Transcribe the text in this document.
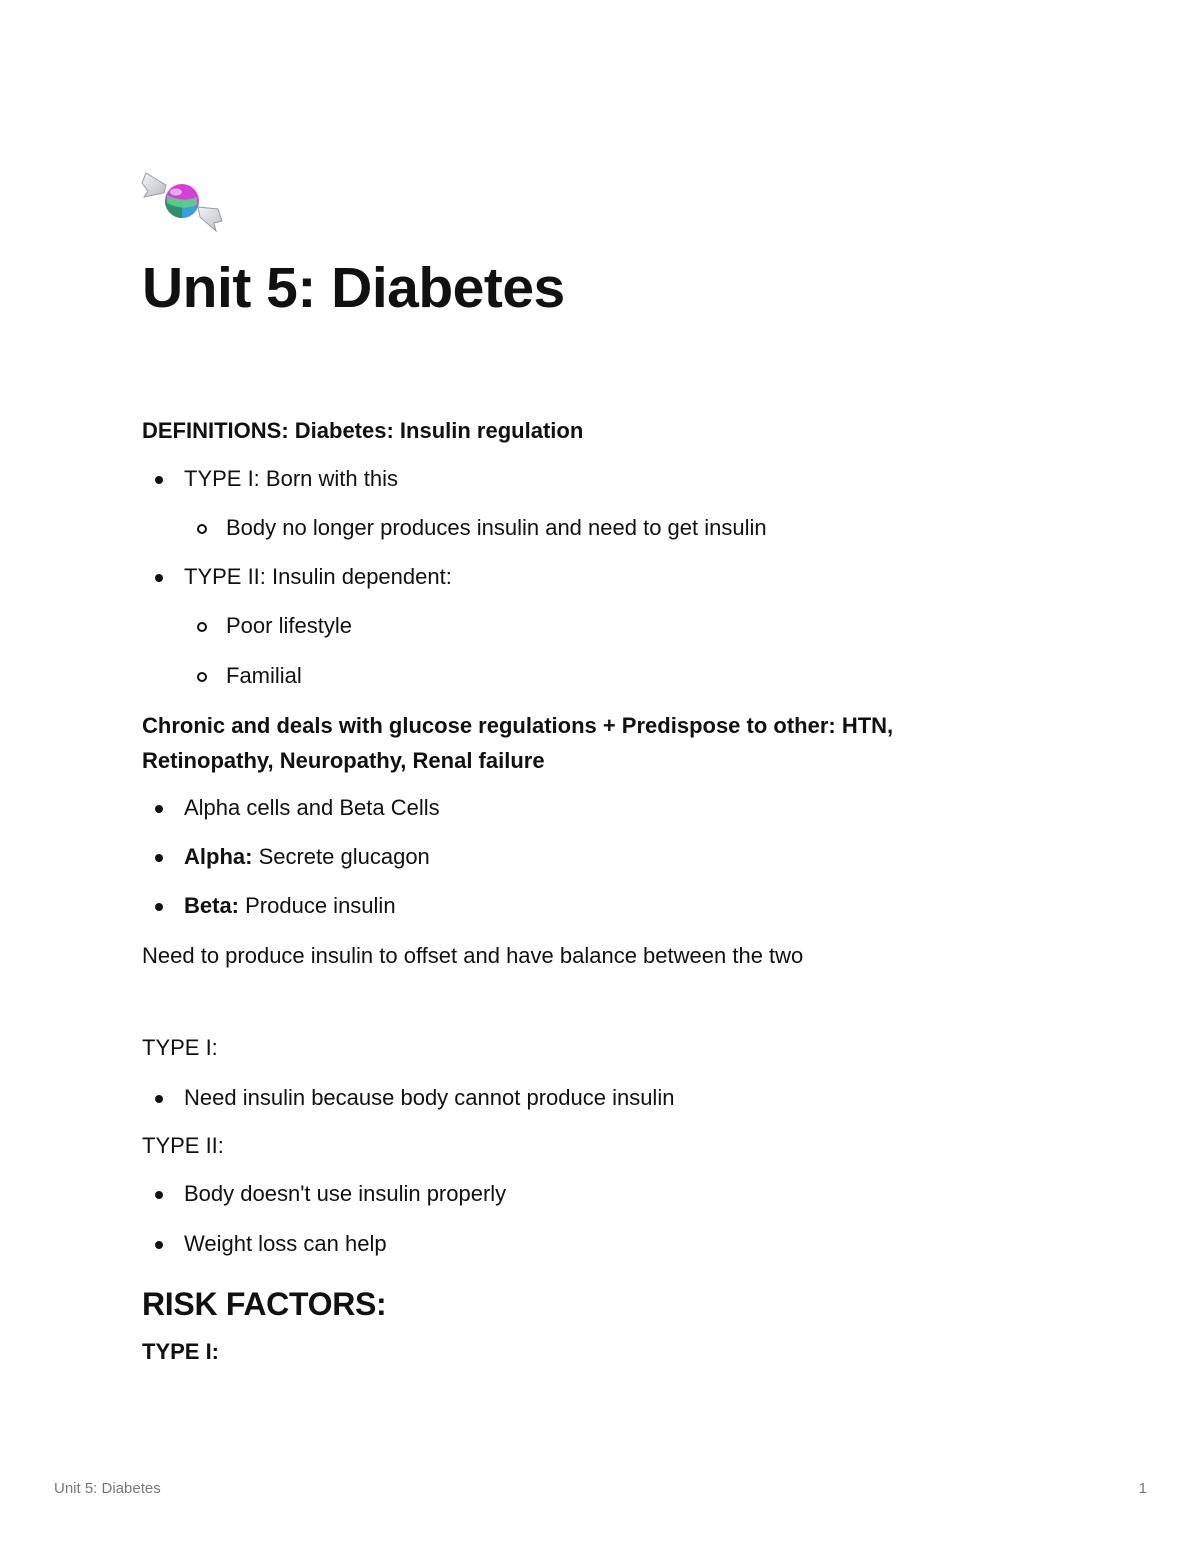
Unit 5: Diabetes

DEFINITIONS: Diabetes: Insulin regulation

TYPE I: Born with this
Body no longer produces insulin and need to get insulin
TYPE II: Insulin dependent:
Poor lifestyle
Familial

Chronic and deals with glucose regulations + Predispose to other: HTN, Retinopathy, Neuropathy, Renal failure

Alpha cells and Beta Cells
Alpha: Secrete glucagon
Beta: Produce insulin

Need to produce insulin to offset and have balance between the two

TYPE I:

Need insulin because body cannot produce insulin

TYPE II:

Body doesn't use insulin properly
Weight loss can help
RISK FACTORS:

TYPE I:

Unit 5: Diabetes	1
